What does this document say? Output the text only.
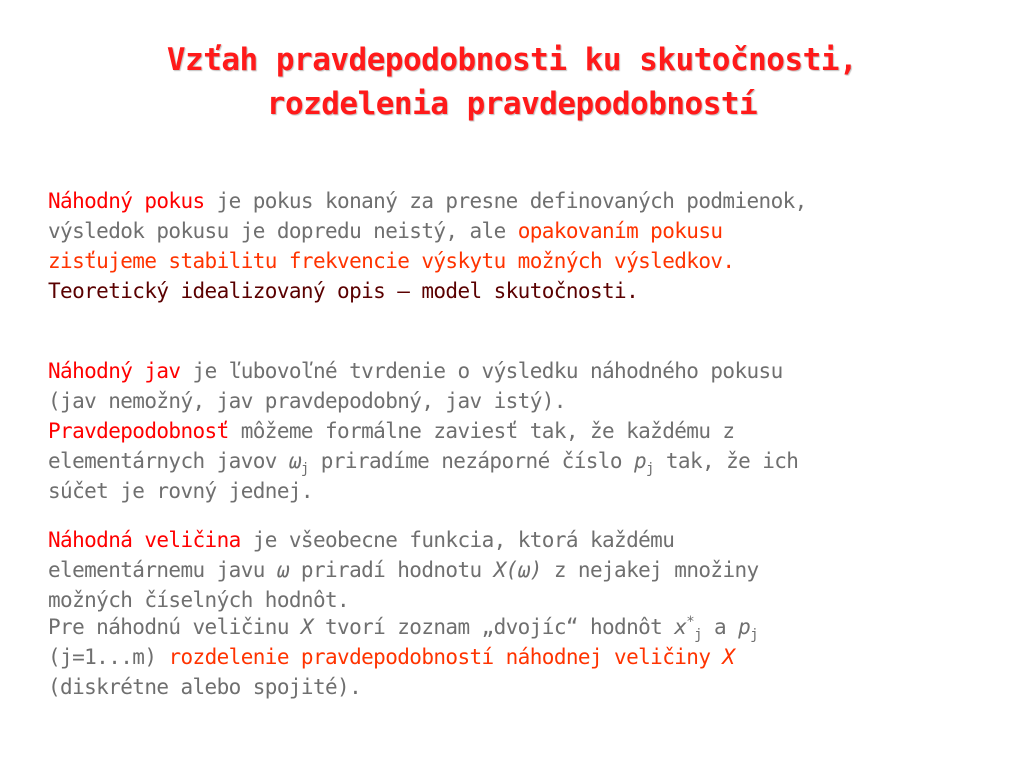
Vzťah pravdepodobnosti ku skutočnosti,
rozdelenia pravdepodobností
Náhodný pokus je pokus konaný za presne definovaných podmienok,
výsledok pokusu je dopredu neistý, ale opakovaním pokusu
zisťujeme stabilitu frekvencie výskytu možných výsledkov.
Teoretický idealizovaný opis – model skutočnosti.
Náhodný jav je ľubovoľné tvrdenie o výsledku náhodného pokusu
(jav nemožný, jav pravdepodobný, jav istý).
Pravdepodobnosť môžeme formálne zaviesť tak, že každému z
elementárnych javov $\omega_j$ priradíme nezáporné číslo $p_j$ tak, že ich
súčet je rovný jednej.
Náhodná veličina je všeobecne funkcia, ktorá každému
elementárnemu javu ω priradí hodnotu X(ω) z nejakej množiny
možných číselných hodnôt.
Pre náhodnú veličinu X tvorí zoznam „dvojíc“ hodnôt $x^*_j$ a $p_j$
(j=1...m) rozdelenie pravdepodobností náhodnej veličiny X
(diskrétne alebo spojité).
